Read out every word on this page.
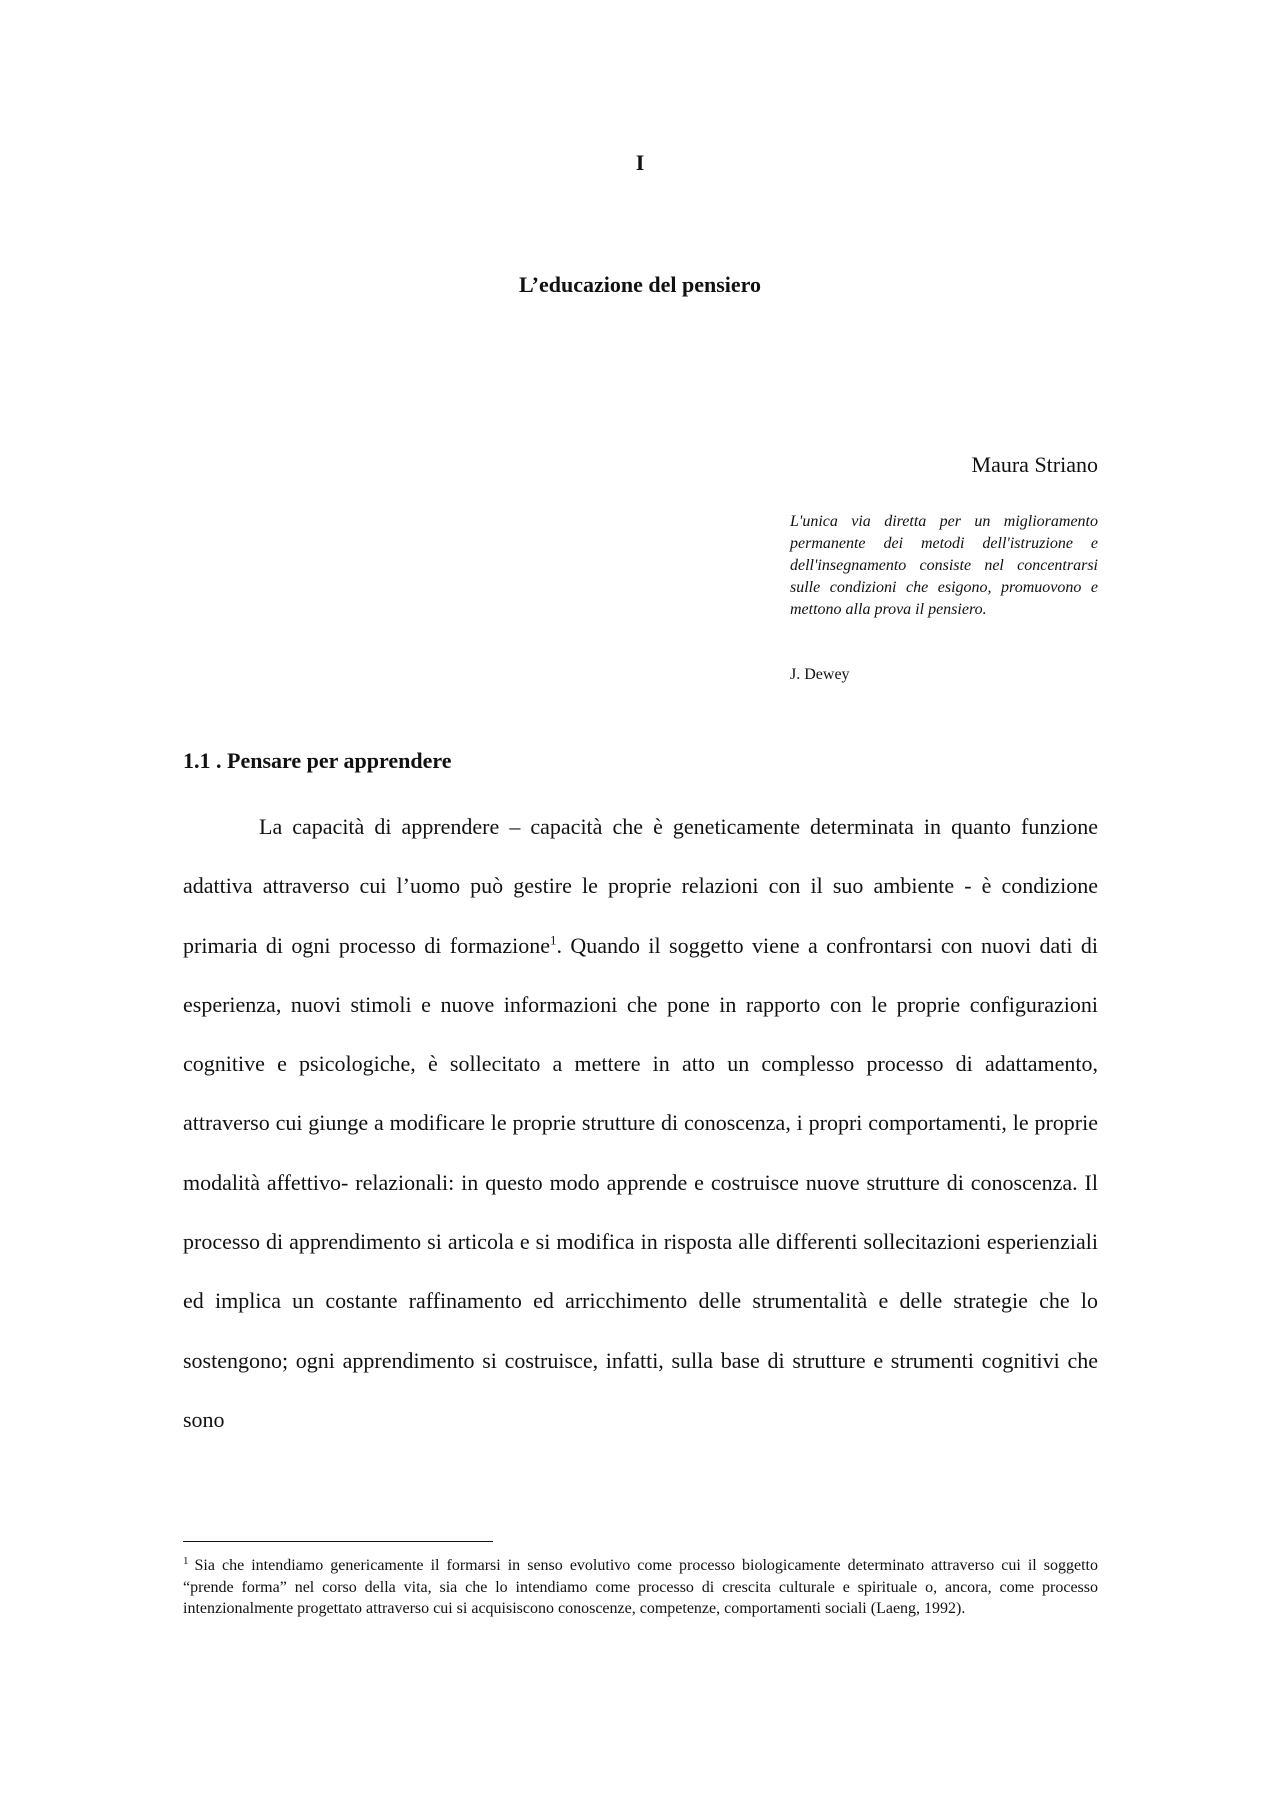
I
L’educazione del pensiero

Maura Striano

L'unica via diretta per un miglioramento permanente dei metodi dell'istruzione e dell'insegnamento consiste nel concentrarsi sulle condizioni che esigono, promuovono e mettono alla prova il pensiero.

J. Dewey

1.1 . Pensare per apprendere

La capacità di apprendere – capacità che è geneticamente determinata in quanto funzione adattiva attraverso cui l’uomo può gestire le proprie relazioni con il suo ambiente - è condizione primaria di ogni processo di formazione$^1$. Quando il soggetto viene a confrontarsi con nuovi dati di esperienza, nuovi stimoli e nuove informazioni che pone in rapporto con le proprie configurazioni cognitive e psicologiche, è sollecitato a mettere in atto un complesso processo di adattamento, attraverso cui giunge a modificare le proprie strutture di conoscenza, i propri comportamenti, le proprie modalità affettivo- relazionali: in questo modo apprende e costruisce nuove strutture di conoscenza. Il processo di apprendimento si articola e si modifica in risposta alle differenti sollecitazioni esperienziali ed implica un costante raffinamento ed arricchimento delle strumentalità e delle strategie che lo sostengono; ogni apprendimento si costruisce, infatti, sulla base di strutture e strumenti cognitivi che sono

$^1$ Sia che intendiamo genericamente il formarsi in senso evolutivo come processo biologicamente determinato attraverso cui il soggetto “prende forma” nel corso della vita, sia che lo intendiamo come processo di crescita culturale e spirituale o, ancora, come processo intenzionalmente progettato attraverso cui si acquisiscono conoscenze, competenze, comportamenti sociali (Laeng, 1992).
